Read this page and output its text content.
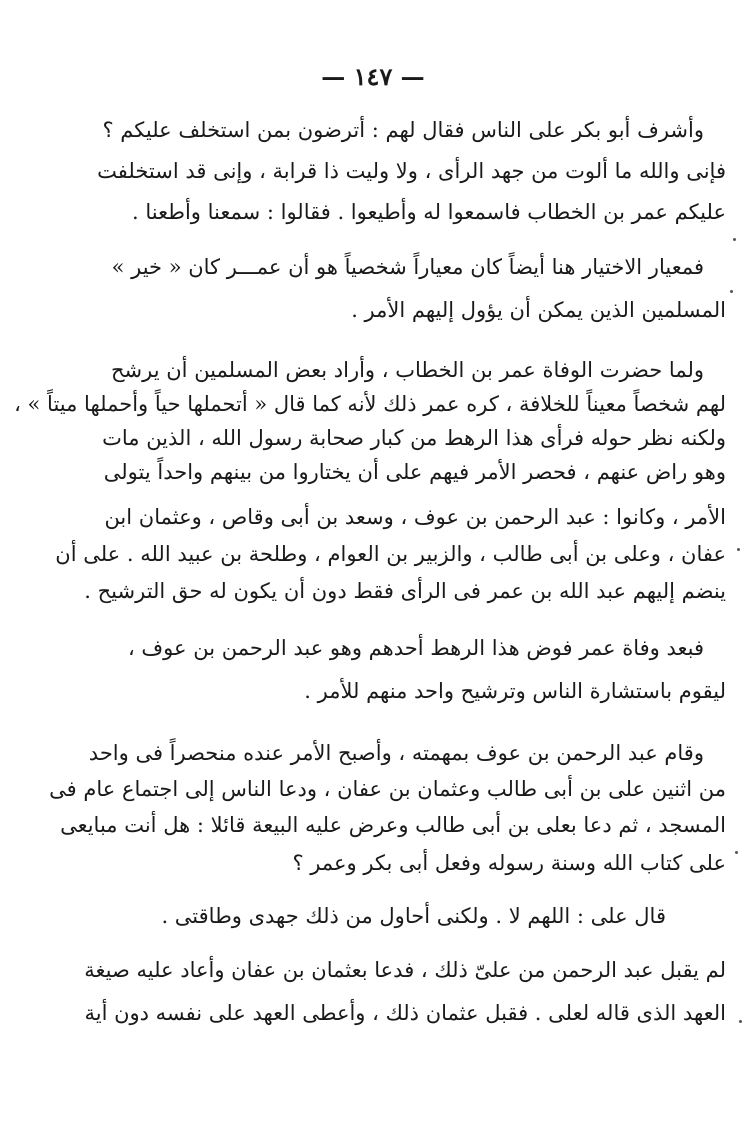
— ١٤٧ —
وأشرف أبو بكر على الناس فقال لهم : أترضون بمن استخلف عليكم ؟
فإنى والله ما ألوت من جهد الرأى ، ولا وليت ذا قرابة ، وإنى قد استخلفت
عليكم عمر بن الخطاب فاسمعوا له وأطيعوا . فقالوا : سمعنا وأطعنا .
فمعيار الاختيار هنا أيضاً كان معياراً شخصياً هو أن عمـــر كان « خير »
المسلمين الذين يمكن أن يؤول إليهم الأمر .
ولما حضرت الوفاة عمر بن الخطاب ، وأراد بعض المسلمين أن يرشح
لهم شخصاً معيناً للخلافة ، كره عمر ذلك لأنه كما قال « أتحملها حياً وأحملها ميتاً » ،
ولكنه نظر حوله فرأى هذا الرهط من كبار صحابة رسول الله ، الذين مات
وهو راض عنهم ، فحصر الأمر فيهم على أن يختاروا من بينهم واحداً يتولى
الأمر ، وكانوا : عبد الرحمن بن عوف ، وسعد بن أبى وقاص ، وعثمان ابن
عفان ، وعلى بن أبى طالب ، والزبير بن العوام ، وطلحة بن عبيد الله . على أن
ينضم إليهم عبد الله بن عمر فى الرأى فقط دون أن يكون له حق الترشيح .
فبعد وفاة عمر فوض هذا الرهط أحدهم وهو عبد الرحمن بن عوف ،
ليقوم باستشارة الناس وترشيح واحد منهم للأمر .
وقام عبد الرحمن بن عوف بمهمته ، وأصبح الأمر عنده منحصراً فى واحد
من اثنين على بن أبى طالب وعثمان بن عفان ، ودعا الناس إلى اجتماع عام فى
المسجد ، ثم دعا بعلى بن أبى طالب وعرض عليه البيعة قائلا : هل أنت مبايعى
على كتاب الله وسنة رسوله وفعل أبى بكر وعمر ؟
قال على : اللهم لا . ولكنى أحاول من ذلك جهدى وطاقتى .
لم يقبل عبد الرحمن من علىّ ذلك ، فدعا بعثمان بن عفان وأعاد عليه صيغة
العهد الذى قاله لعلى . فقبل عثمان ذلك ، وأعطى العهد على نفسه دون أية
